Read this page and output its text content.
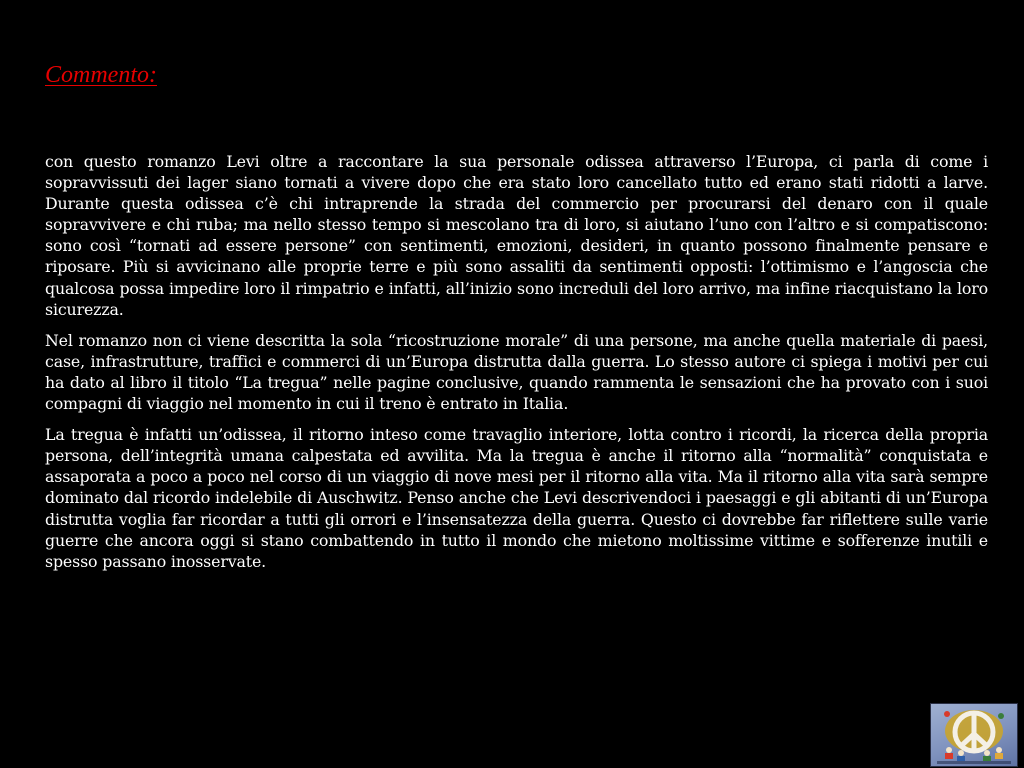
Commento:

con questo romanzo Levi oltre a raccontare la sua personale odissea attraverso l’Europa, ci parla di come i sopravvissuti dei lager siano tornati a vivere dopo che era stato loro cancellato tutto ed erano stati ridotti a larve. Durante questa odissea c’è chi intraprende la strada del commercio per procurarsi del denaro con il quale sopravvivere e chi ruba; ma nello stesso tempo si mescolano tra di loro, si aiutano l’uno con l’altro e si compatiscono: sono così “tornati ad essere persone” con sentimenti, emozioni, desideri, in quanto possono finalmente pensare e riposare. Più si avvicinano alle proprie terre e più sono assaliti da sentimenti opposti: l’ottimismo e l’angoscia che qualcosa possa impedire loro il rimpatrio e infatti, all’inizio sono increduli del loro arrivo, ma infine riacquistano la loro sicurezza.

Nel romanzo non ci viene descritta la sola “ricostruzione morale” di una persone, ma anche quella materiale di paesi, case, infrastrutture, traffici e commerci di un’Europa distrutta dalla guerra. Lo stesso autore ci spiega i motivi per cui ha dato al libro il titolo “La tregua” nelle pagine conclusive, quando rammenta le sensazioni che ha provato con i suoi compagni di viaggio nel momento in cui il treno è entrato in Italia.

La tregua è infatti un’odissea, il ritorno inteso come travaglio interiore, lotta contro i ricordi, la ricerca della propria persona, dell’integrità umana calpestata ed avvilita. Ma la tregua è anche il ritorno alla “normalità” conquistata e assaporata a poco a poco nel corso di un viaggio di nove mesi per il ritorno alla vita. Ma il ritorno alla vita sarà sempre dominato dal ricordo indelebile di Auschwitz. Penso anche che Levi descrivendoci i paesaggi e gli abitanti di un’Europa distrutta voglia far ricordar a tutti gli orrori e l’insensatezza della guerra. Questo ci dovrebbe far riflettere sulle varie guerre che ancora oggi si stano combattendo in tutto il mondo che mietono moltissime vittime e sofferenze inutili e spesso passano inosservate.
